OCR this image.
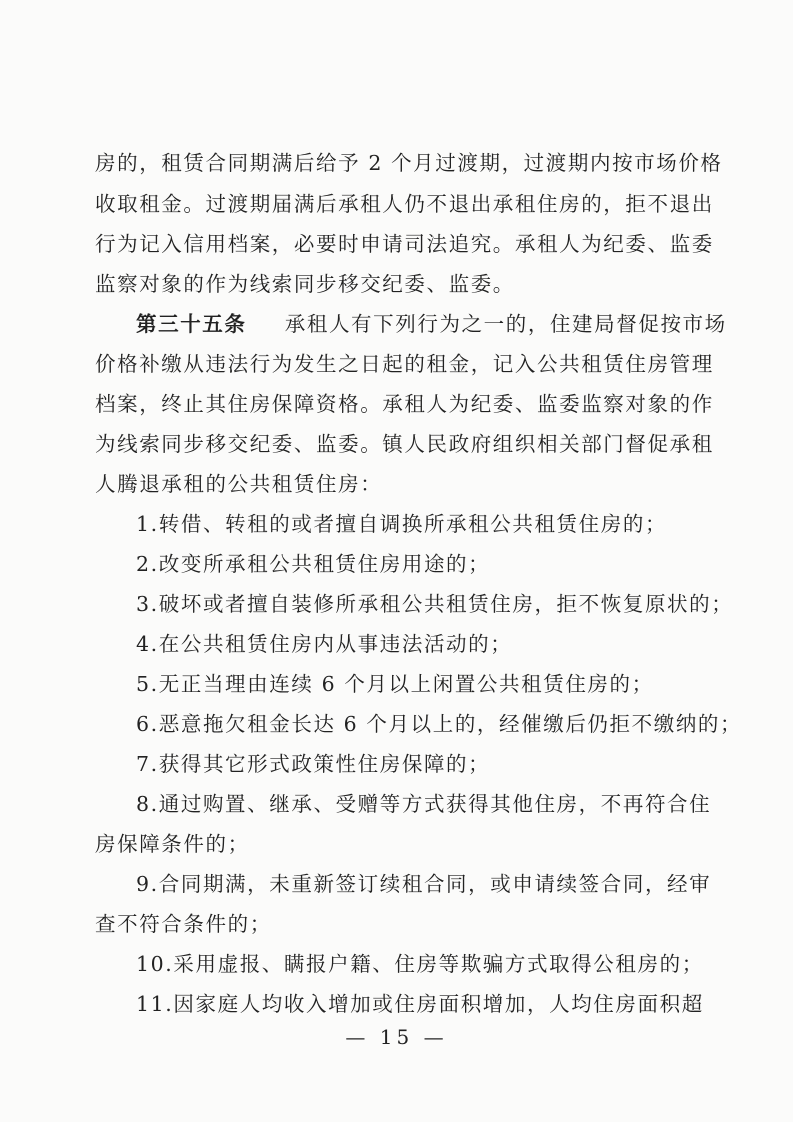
房的，租赁合同期满后给予 2 个月过渡期，过渡期内按市场价格
收取租金。过渡期届满后承租人仍不退出承租住房的，拒不退出
行为记入信用档案，必要时申请司法追究。承租人为纪委、监委
监察对象的作为线索同步移交纪委、监委。
第三十五条 承租人有下列行为之一的，住建局督促按市场
价格补缴从违法行为发生之日起的租金，记入公共租赁住房管理
档案，终止其住房保障资格。承租人为纪委、监委监察对象的作
为线索同步移交纪委、监委。镇人民政府组织相关部门督促承租
人腾退承租的公共租赁住房：
1.转借、转租的或者擅自调换所承租公共租赁住房的；
2.改变所承租公共租赁住房用途的；
3.破坏或者擅自装修所承租公共租赁住房，拒不恢复原状的；
4.在公共租赁住房内从事违法活动的；
5.无正当理由连续 6 个月以上闲置公共租赁住房的；
6.恶意拖欠租金长达 6 个月以上的，经催缴后仍拒不缴纳的；
7.获得其它形式政策性住房保障的；
8.通过购置、继承、受赠等方式获得其他住房，不再符合住
房保障条件的；
9.合同期满，未重新签订续租合同，或申请续签合同，经审
查不符合条件的；
10.采用虚报、瞒报户籍、住房等欺骗方式取得公租房的；
11.因家庭人均收入增加或住房面积增加，人均住房面积超
— 15 —
